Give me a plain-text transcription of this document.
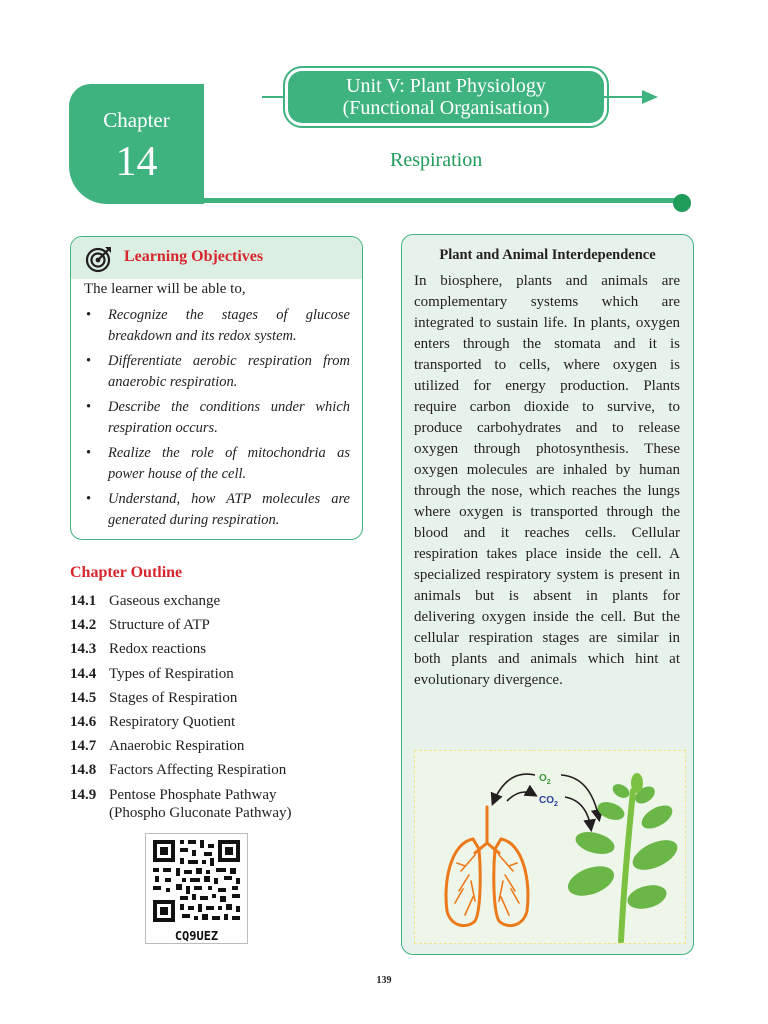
Chapter
14
Unit V: Plant Physiology
(Functional Organisation)
Respiration
Learning Objectives
The learner will be able to,
• Recognize the stages of glucose breakdown and its redox system.
• Differentiate aerobic respiration from anaerobic respiration.
• Describe the conditions under which respiration occurs.
• Realize the role of mitochondria as power house of the cell.
• Understand, how ATP molecules are generated during respiration.
Chapter Outline
14.1 Gaseous exchange
14.2 Structure of ATP
14.3 Redox reactions
14.4 Types of Respiration
14.5 Stages of Respiration
14.6 Respiratory Quotient
14.7 Anaerobic Respiration
14.8 Factors Affecting Respiration
14.9 Pentose Phosphate Pathway
(Phospho Gluconate Pathway)
CQ9UEZ
Plant and Animal Interdependence

In biosphere, plants and animals are complementary systems which are integrated to sustain life. In plants, oxygen enters through the stomata and it is transported to cells, where oxygen is utilized for energy production. Plants require carbon dioxide to survive, to produce carbohydrates and to release oxygen through photosynthesis. These oxygen molecules are inhaled by human through the nose, which reaches the lungs where oxygen is transported through the blood and it reaches cells. Cellular respiration takes place inside the cell. A specialized respiratory system is present in animals but is absent in plants for delivering oxygen inside the cell. But the cellular respiration stages are similar in both plants and animals which hint at evolutionary divergence.

$O_2$
$CO_2$
139
